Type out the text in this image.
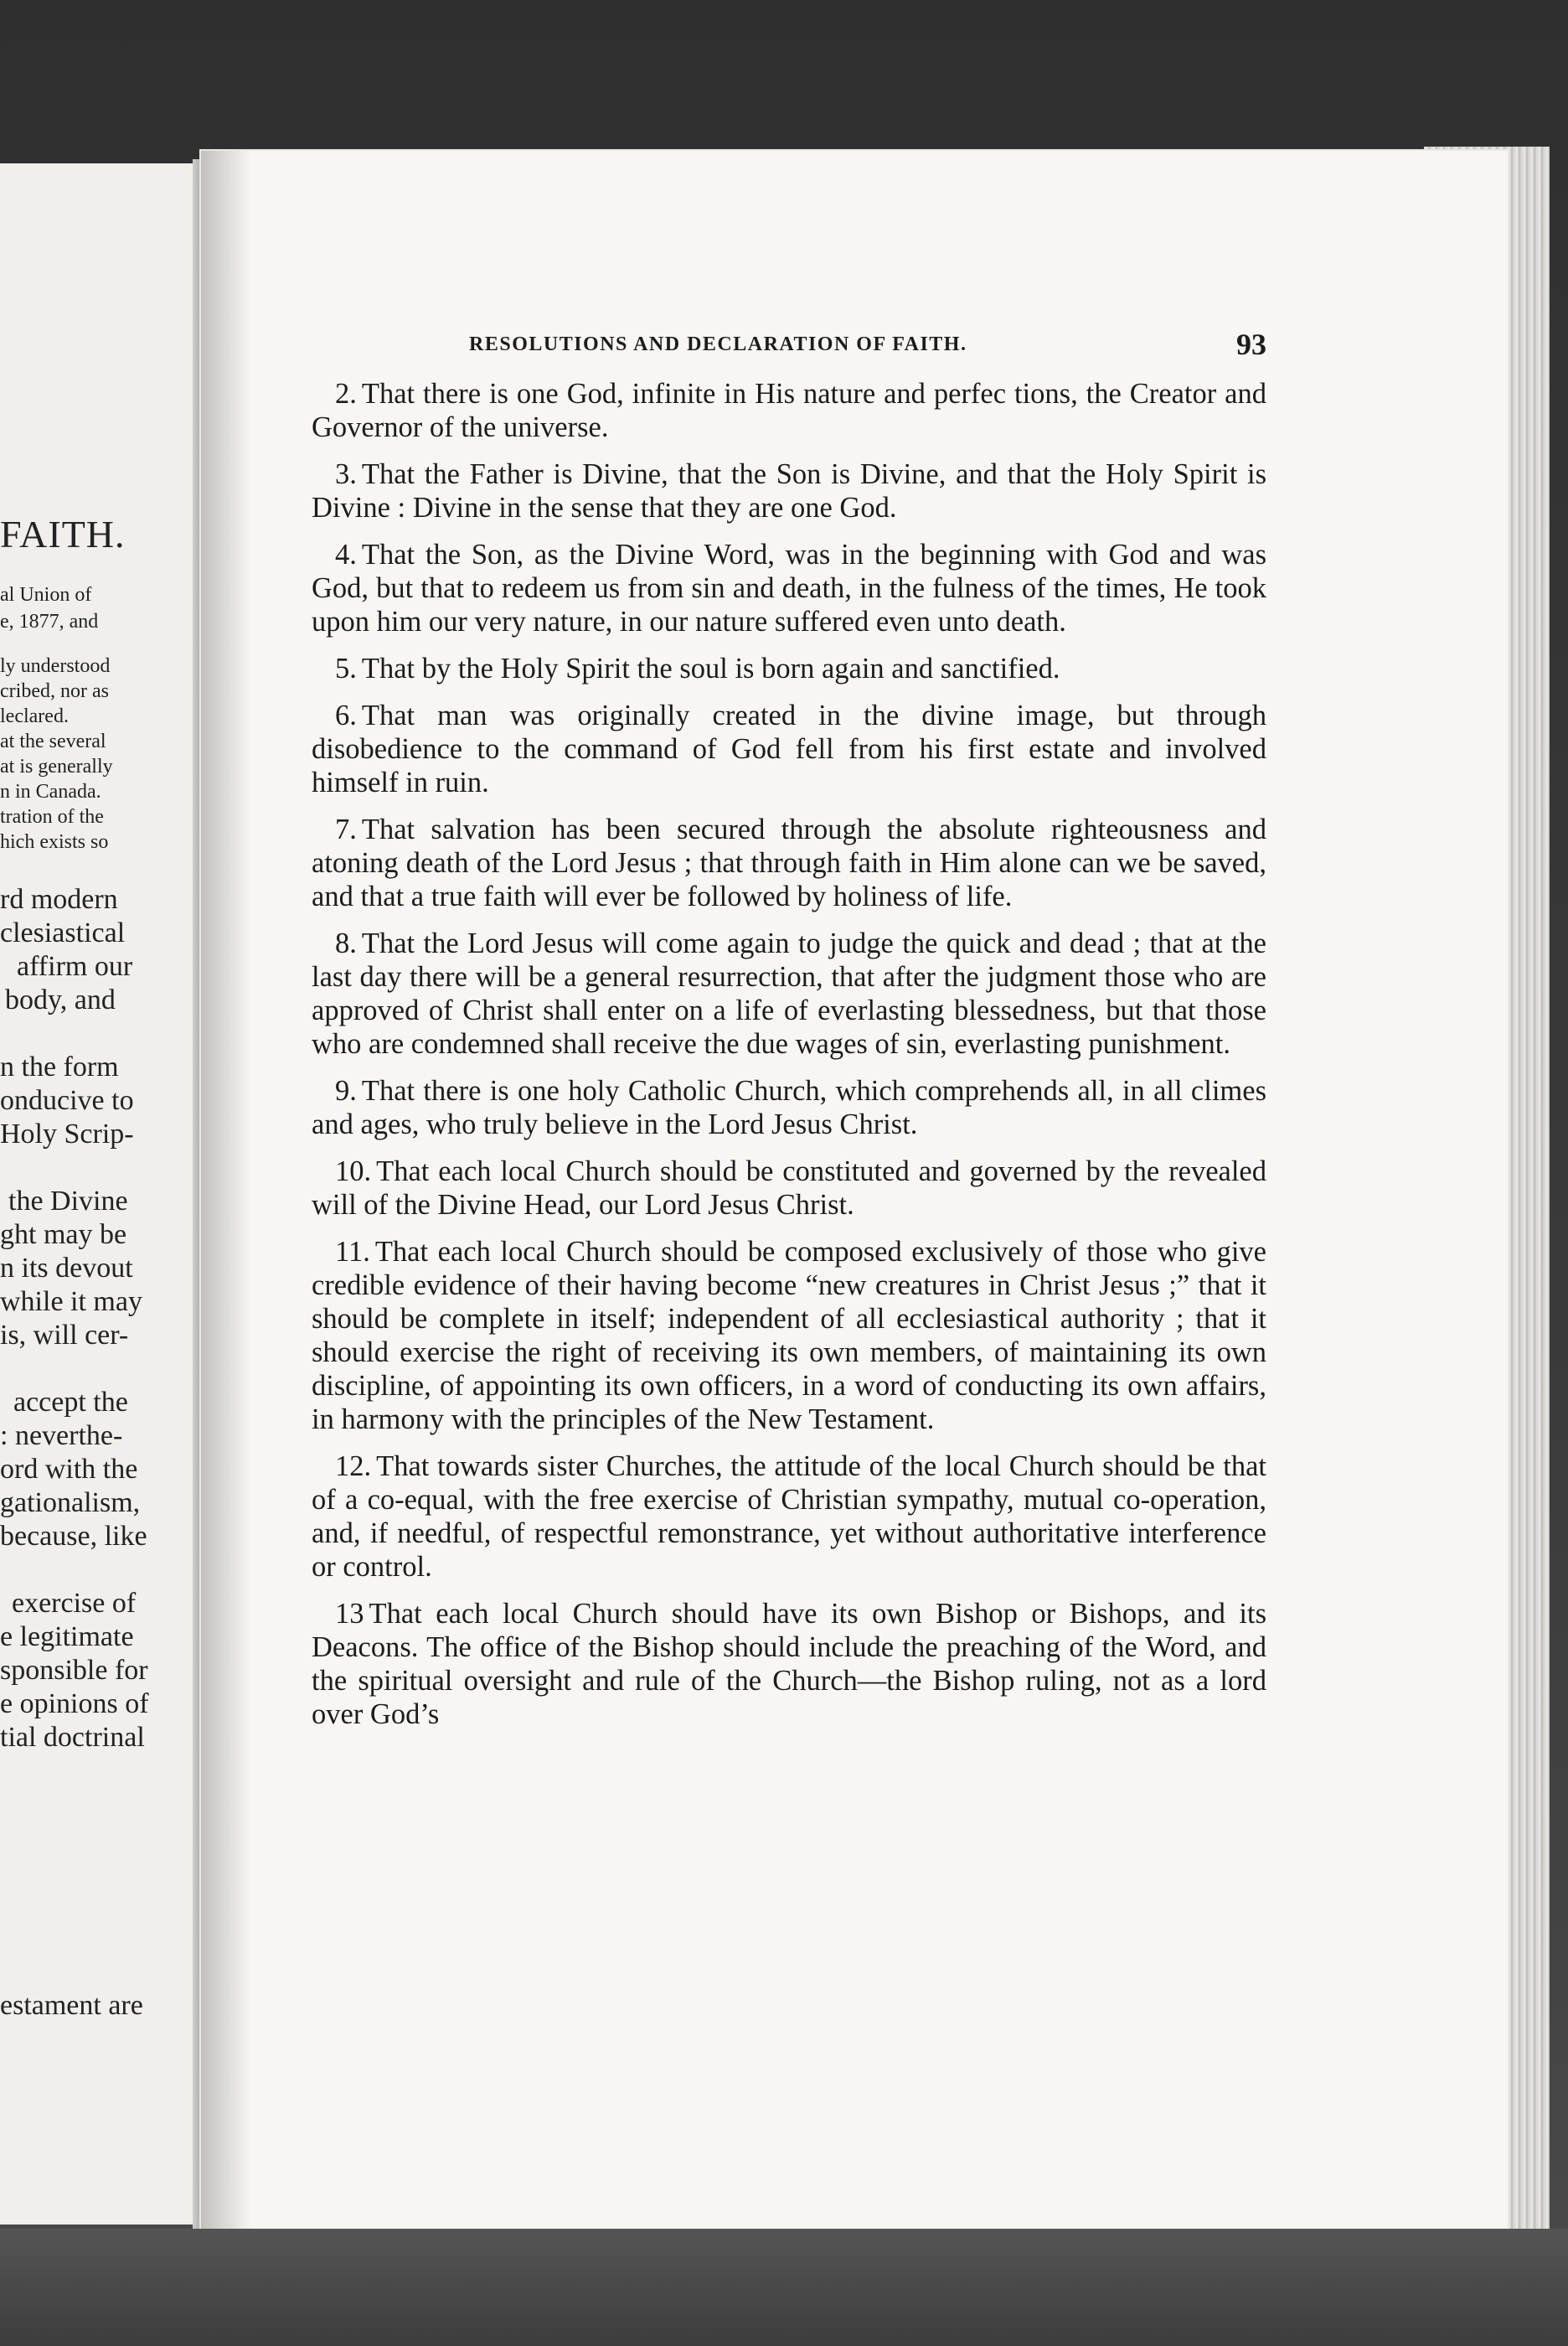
FAITH.
al Union of
e, 1877, and
ly understood
cribed, nor as
leclared.
at the several
at is generally
n in Canada.
tration of the
hich exists so
rd modern
clesiastical
affirm our
body, and
n the form
onducive to
Holy Scrip-
the Divine
ght may be
n its devout
while it may
is, will cer-
accept the
: neverthe-
ord with the
gationalism,
because, like
exercise of
e legitimate
sponsible for
e opinions of
tial doctrinal
estament are
RESOLUTIONS AND DECLARATION OF FAITH.	93

2. That there is one God, infinite in His nature and perfec tions, the Creator and Governor of the universe.

3. That the Father is Divine, that the Son is Divine, and that the Holy Spirit is Divine : Divine in the sense that they are one God.

4. That the Son, as the Divine Word, was in the beginning with God and was God, but that to redeem us from sin and death, in the fulness of the times, He took upon him our very nature, in our nature suffered even unto death.

5. That by the Holy Spirit the soul is born again and sanctified.

6. That man was originally created in the divine image, but through disobedience to the command of God fell from his first estate and involved himself in ruin.

7. That salvation has been secured through the absolute righteousness and atoning death of the Lord Jesus ; that through faith in Him alone can we be saved, and that a true faith will ever be followed by holiness of life.

8. That the Lord Jesus will come again to judge the quick and dead ; that at the last day there will be a general resurrection, that after the judgment those who are approved of Christ shall enter on a life of everlasting blessedness, but that those who are condemned shall receive the due wages of sin, everlasting punishment.

9. That there is one holy Catholic Church, which comprehends all, in all climes and ages, who truly believe in the Lord Jesus Christ.

10. That each local Church should be constituted and governed by the revealed will of the Divine Head, our Lord Jesus Christ.

11. That each local Church should be composed exclusively of those who give credible evidence of their having become “new creatures in Christ Jesus ;” that it should be complete in itself; independent of all ecclesiastical authority ; that it should exercise the right of receiving its own members, of maintaining its own discipline, of appointing its own officers, in a word of conducting its own affairs, in harmony with the principles of the New Testament.

12. That towards sister Churches, the attitude of the local Church should be that of a co-equal, with the free exercise of Christian sympathy, mutual co-operation, and, if needful, of respectful remonstrance, yet without authoritative interference or control.

13 That each local Church should have its own Bishop or Bishops, and its Deacons. The office of the Bishop should include the preaching of the Word, and the spiritual oversight and rule of the Church—the Bishop ruling, not as a lord over God’s
